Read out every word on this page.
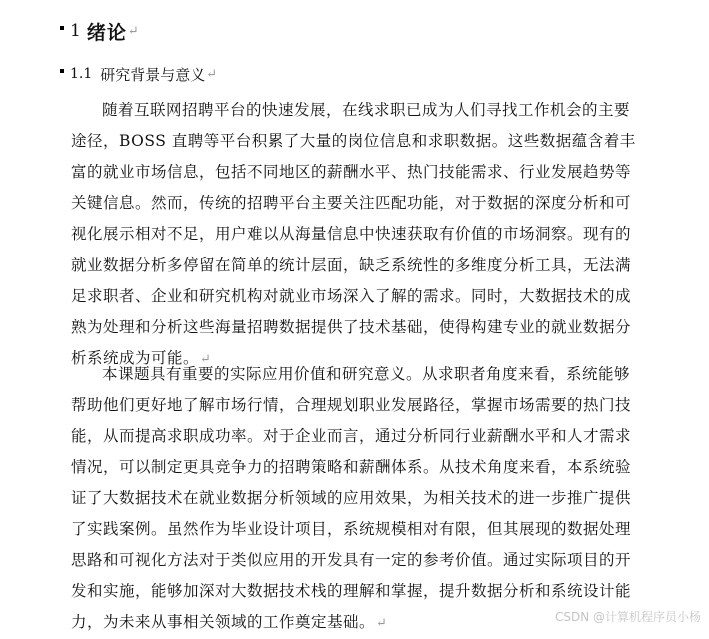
1 绪论 ↵
1.1 研究背景与意义 ↵
随着互联网招聘平台的快速发展，在线求职已成为人们寻找工作机会的主要
途径，BOSS 直聘等平台积累了大量的岗位信息和求职数据。这些数据蕴含着丰
富的就业市场信息，包括不同地区的薪酬水平、热门技能需求、行业发展趋势等
关键信息。然而，传统的招聘平台主要关注匹配功能，对于数据的深度分析和可
视化展示相对不足，用户难以从海量信息中快速获取有价值的市场洞察。现有的
就业数据分析多停留在简单的统计层面，缺乏系统性的多维度分析工具，无法满
足求职者、企业和研究机构对就业市场深入了解的需求。同时，大数据技术的成
熟为处理和分析这些海量招聘数据提供了技术基础，使得构建专业的就业数据分
析系统成为可能。↵
本课题具有重要的实际应用价值和研究意义。从求职者角度来看，系统能够
帮助他们更好地了解市场行情，合理规划职业发展路径，掌握市场需要的热门技
能，从而提高求职成功率。对于企业而言，通过分析同行业薪酬水平和人才需求
情况，可以制定更具竞争力的招聘策略和薪酬体系。从技术角度来看，本系统验
证了大数据技术在就业数据分析领域的应用效果，为相关技术的进一步推广提供
了实践案例。虽然作为毕业设计项目，系统规模相对有限，但其展现的数据处理
思路和可视化方法对于类似应用的开发具有一定的参考价值。通过实际项目的开
发和实施，能够加深对大数据技术栈的理解和掌握，提升数据分析和系统设计能
力，为未来从事相关领域的工作奠定基础。↵	CSDN @计算机程序员小杨
